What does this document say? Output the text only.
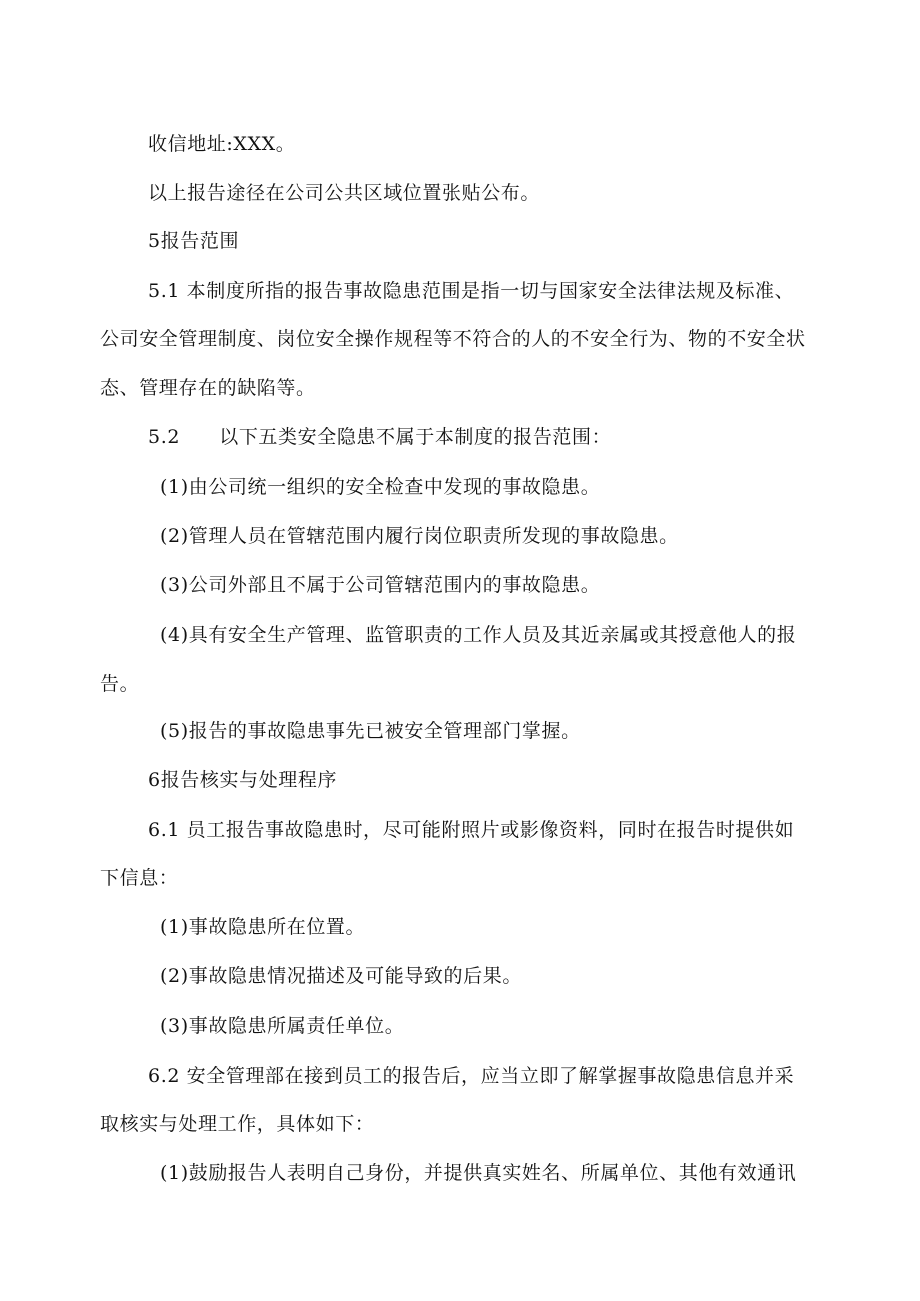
收信地址:XXX。

以上报告途径在公司公共区域位置张贴公布。

5报告范围

5.1 本制度所指的报告事故隐患范围是指一切与国家安全法律法规及标准、

公司安全管理制度、岗位安全操作规程等不符合的人的不安全行为、物的不安全状

态、管理存在的缺陷等。

5.2　　以下五类安全隐患不属于本制度的报告范围：

(1)由公司统一组织的安全检查中发现的事故隐患。

(2)管理人员在管辖范围内履行岗位职责所发现的事故隐患。

(3)公司外部且不属于公司管辖范围内的事故隐患。

(4)具有安全生产管理、监管职责的工作人员及其近亲属或其授意他人的报

告。

(5)报告的事故隐患事先已被安全管理部门掌握。

6报告核实与处理程序

6.1 员工报告事故隐患时，尽可能附照片或影像资料，同时在报告时提供如

下信息：

(1)事故隐患所在位置。

(2)事故隐患情况描述及可能导致的后果。

(3)事故隐患所属责任单位。

6.2 安全管理部在接到员工的报告后，应当立即了解掌握事故隐患信息并采

取核实与处理工作，具体如下：

(1)鼓励报告人表明自己身份，并提供真实姓名、所属单位、其他有效通讯
